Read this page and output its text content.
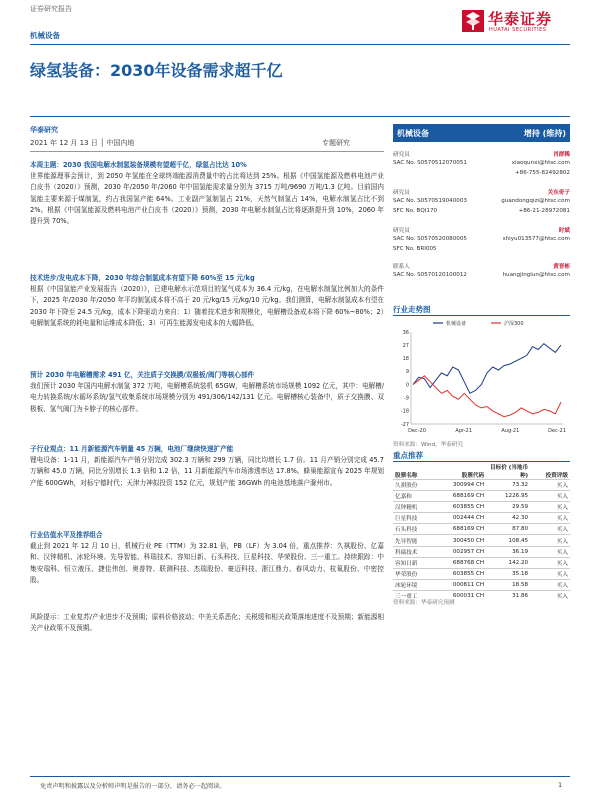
证券研究报告
机械设备
华泰证券
HUATAI SECURITIES
绿氢装备：2030年设备需求超千亿
华泰研究
2021 年 12 月 13 日 │ 中国内地	专题研究
本周主题：2030 我国电解水制氢装备规模有望超千亿，绿氢占比达 10%
世界能源理事会预计，到 2050 年氢能在全球终端能源消费量中的占比将达到 25%。根据《中国氢能源及燃料电池产业白皮书（2020）》预测，2030 年/2050 年/2060 年中国氢能需求量分别为 3715 万吨/9690 万吨/1.3 亿吨。目前国内氢能主要来源于煤制氢，约占我国氢产能 64%。工业副产氢制氢占 21%，天然气制氢占 14%，电解水制氢占比不到 2%。根据《中国氢能源及燃料电池产业白皮书（2020）》预测，2030 年电解水制氢占比将逐渐提升到 10%，2060 年提升到 70%。
技术进步/发电成本下降，2030 年综合制氢成本有望下降 60%至 15 元/kg
根据《中国氢能产业发展报告（2020）》，已建电解水示范项目的氢气成本为 36.4 元/kg，在电解水制氢比例加大的条件下，2025 年/2030 年/2050 年平均制氢成本将不高于 20 元/kg/15 元/kg/10 元/kg。我们测算，电解水制氢成本有望在 2030 年下降至 24.5 元/kg，成本下降驱动力来自：1）随着技术进步和规模化，电解槽设备成本将下降 60%~80%；2）电解制氢系统的耗电量和运维成本降低；3）可再生能源发电成本的大幅降低。
预计 2030 年电解槽需求 491 亿，关注质子交换膜/双极板/阀门等核心部件
我们预计 2030 年国内电解水制氢 372 万吨，电解槽系统装机 65GW，电解槽系统市场规模 1092 亿元，其中：电解槽/电力转换系统/水循环系统/氢气收集系统市场规模分别为 491/306/142/131 亿元。电解槽核心装备中，质子交换膜、双极板、氢气阀门为卡脖子的核心部件。
子行业观点：11 月新能源汽车销量 45 万辆，电池厂继续快速扩产能
锂电设备：1-11 月，新能源汽车产销分别完成 302.3 万辆和 299 万辆，同比均增长 1.7 倍。11 月产销分别完成 45.7 万辆和 45.0 万辆，同比分别增长 1.3 倍和 1.2 倍，11 月新能源汽车市场渗透率达 17.8%。蜂巢能源宣布 2025 年规划产能 600GWh，对标宁德时代；天津力神拟投资 152 亿元，规划产能 36GWh 的电池基地落户滁州市。
行业估值水平及推荐组合
截止到 2021 年 12 月 10 日，机械行业 PE（TTM）为 32.81 倍，PB（LF）为 3.04 倍，重点推荐：久祺股份、亿嘉和、汉钟精机、冰轮环境、先导智能、科瑞技术、容知日新、石头科技、巨星科技、华荣股份、三一重工。持续跟踪：中集安瑞科、恒立液压、捷佳伟创、奥普特、联测科技、杰瑞股份、豪迈科技、浙江鼎力、春风动力、杭氧股份、中密控股。
风险提示：工业复苏/产业进步不及预期；原料价格波动；中美关系恶化；关税缓和相关政策落地进度不及预期；新能源相关产业政策不及预期。
机械设备	增持 (维持)
研究员	肖群稀
SAC No. S0570512070051	xiaoqunxi@htsc.com
+86-755-82492802
研究员	关东奇子
SAC No. S0570519040003	guandongqizi@htsc.com
SFC No. BQI170	+86-21-28972081
研究员	时斌
SAC No. S0570520080005	shiyu013577@htsc.com
SFC No. BRI005
联系人	黄晋彬
SAC No. S0570120100012	huangjinglun@htsc.com
行业走势图
36
27
18
9
0
-9
-18
-27
Dec-20	Apr-21	Aug-21	Dec-21
机械设备	沪深300
资料来源：Wind，华泰研究
重点推荐
股票名称	股票代码	目标价 (当地币种)	投资评级
久祺股份	300994 CH	73.32	买入
亿嘉和	688169 CH	1226.95	买入
汉钟精机	603855 CH	29.59	买入
巨星科技	002444 CH	42.30	买入
石头科技	688169 CH	87.80	买入
先导智能	300450 CH	108.45	买入
科瑞技术	002957 CH	36.19	买入
容知日新	688768 CH	142.20	买入
华荣股份	603855 CH	35.18	买入
冰轮环境	000811 CH	18.58	买入
三一重工	600031 CH	31.86	买入
资料来源：华泰研究预测
免责声明和披露以及分析师声明是报告的一部分，请务必一起阅读。	1
